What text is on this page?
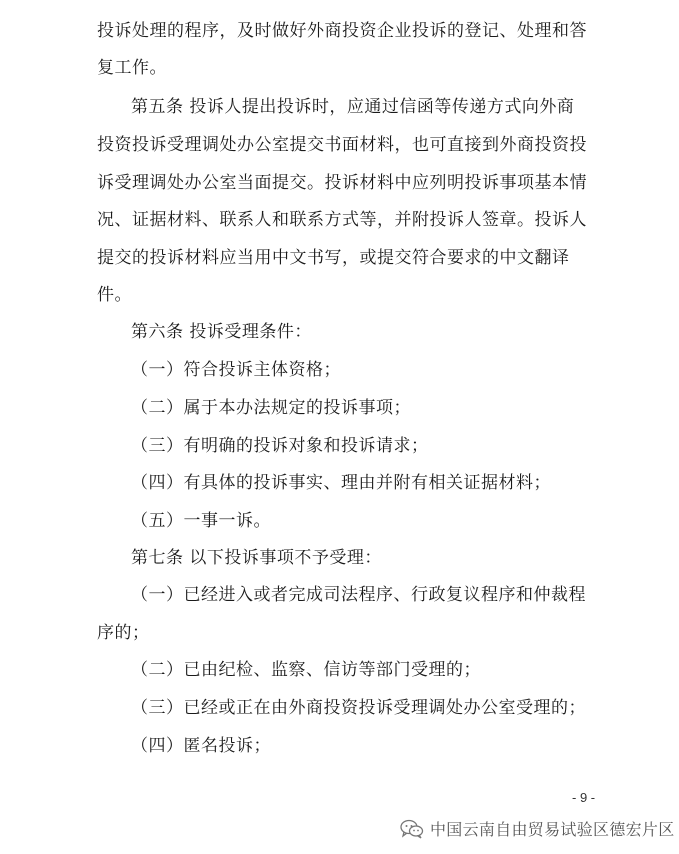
投诉处理的程序，及时做好外商投资企业投诉的登记、处理和答
复工作。
第五条 投诉人提出投诉时，应通过信函等传递方式向外商
投资投诉受理调处办公室提交书面材料，也可直接到外商投资投
诉受理调处办公室当面提交。投诉材料中应列明投诉事项基本情
况、证据材料、联系人和联系方式等，并附投诉人签章。投诉人
提交的投诉材料应当用中文书写，或提交符合要求的中文翻译
件。
第六条 投诉受理条件：
（一）符合投诉主体资格；
（二）属于本办法规定的投诉事项；
（三）有明确的投诉对象和投诉请求；
（四）有具体的投诉事实、理由并附有相关证据材料；
（五）一事一诉。
第七条 以下投诉事项不予受理：
（一）已经进入或者完成司法程序、行政复议程序和仲裁程
序的；
（二）已由纪检、监察、信访等部门受理的；
（三）已经或正在由外商投资投诉受理调处办公室受理的；
（四）匿名投诉；
- 9 -
中国云南自由贸易试验区德宏片区
